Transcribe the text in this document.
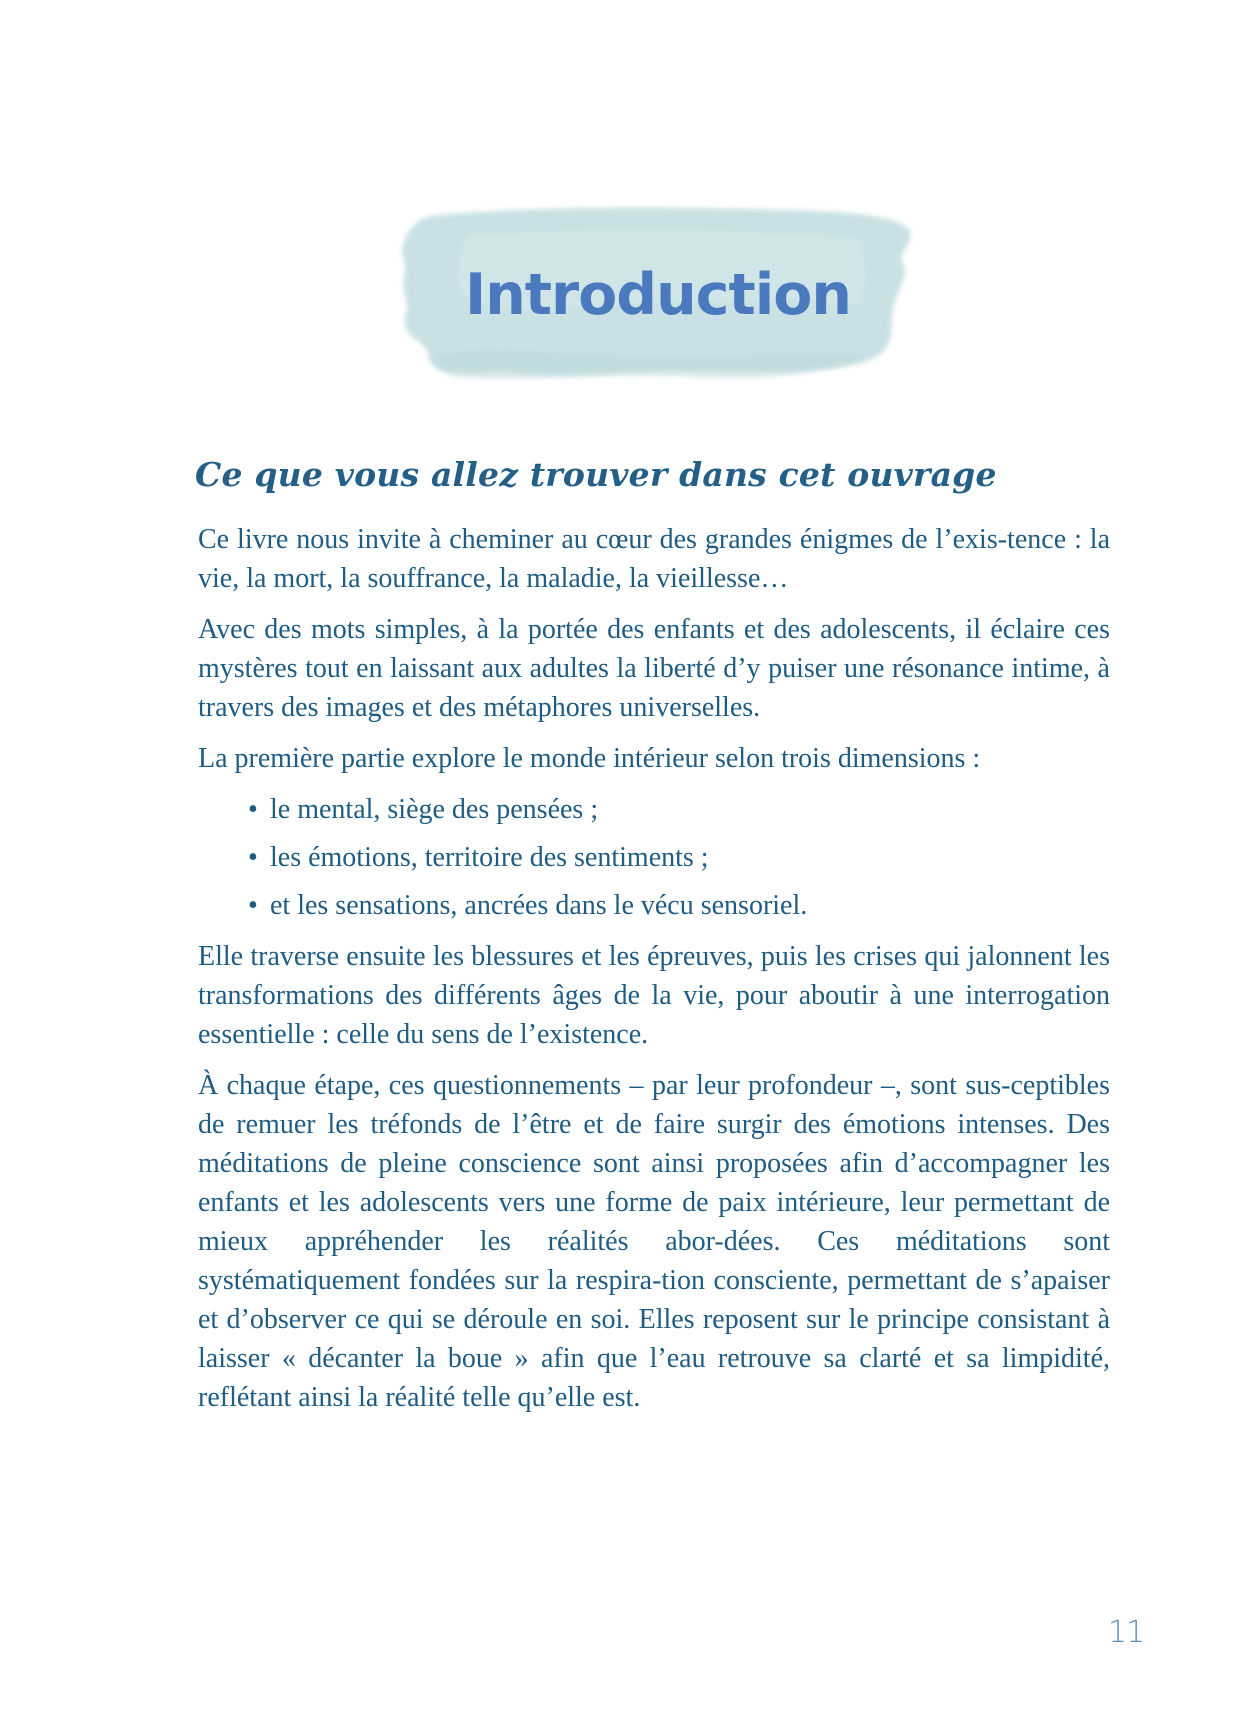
Introduction
Ce que vous allez trouver dans cet ouvrage

Ce livre nous invite à cheminer au cœur des grandes énigmes de l’exis-tence : la vie, la mort, la souffrance, la maladie, la vieillesse…

Avec des mots simples, à la portée des enfants et des adolescents, il éclaire ces mystères tout en laissant aux adultes la liberté d’y puiser une résonance intime, à travers des images et des métaphores universelles.

La première partie explore le monde intérieur selon trois dimensions :

• le mental, siège des pensées ;
• les émotions, territoire des sentiments ;
• et les sensations, ancrées dans le vécu sensoriel.

Elle traverse ensuite les blessures et les épreuves, puis les crises qui jalonnent les transformations des différents âges de la vie, pour aboutir à une interrogation essentielle : celle du sens de l’existence.

À chaque étape, ces questionnements – par leur profondeur –, sont sus-ceptibles de remuer les tréfonds de l’être et de faire surgir des émotions intenses. Des méditations de pleine conscience sont ainsi proposées afin d’accompagner les enfants et les adolescents vers une forme de paix intérieure, leur permettant de mieux appréhender les réalités abor-dées. Ces méditations sont systématiquement fondées sur la respira-tion consciente, permettant de s’apaiser et d’observer ce qui se déroule en soi. Elles reposent sur le principe consistant à laisser « décanter la boue » afin que l’eau retrouve sa clarté et sa limpidité, reflétant ainsi la réalité telle qu’elle est.

11
